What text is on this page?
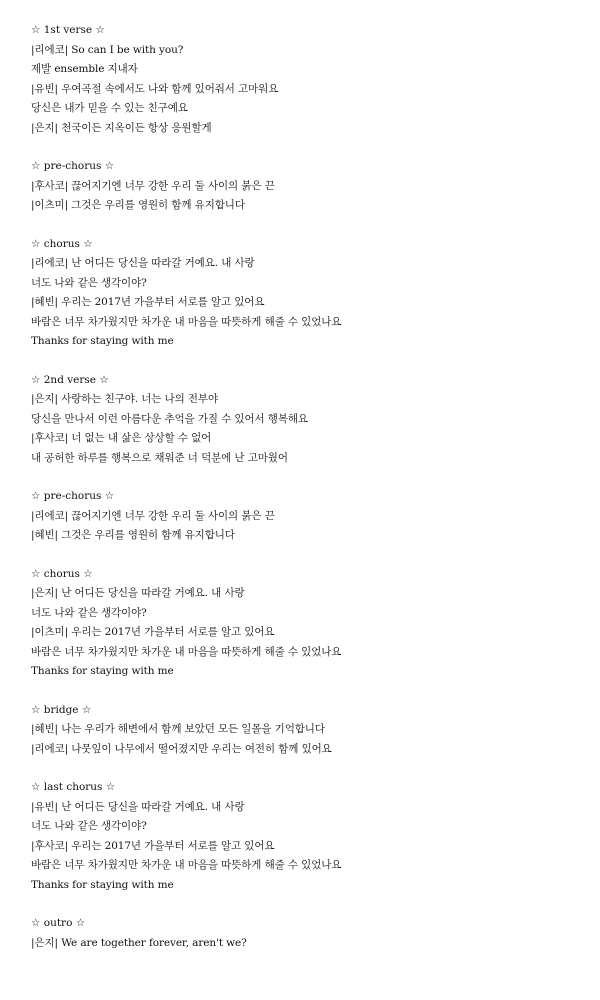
☆ 1st verse ☆
|리에코| So can I be with you?
제발 ensemble 지내자
|유빈| 우여곡절 속에서도 나와 함께 있어줘서 고마워요
당신은 내가 믿을 수 있는 친구예요
|은지| 천국이든 지옥이든 항상 응원할게
☆ pre-chorus ☆
|후사코| 끊어지기엔 너무 강한 우리 둘 사이의 붉은 끈
|이츠미| 그것은 우리를 영원히 함께 유지합니다
☆ chorus ☆
|리에코| 난 어디든 당신을 따라갈 거예요. 내 사랑
너도 나와 같은 생각이야?
|혜빈| 우리는 2017년 가을부터 서로를 알고 있어요
바람은 너무 차가웠지만 차가운 내 마음을 따뜻하게 해줄 수 있었나요
Thanks for staying with me
☆ 2nd verse ☆
|은지| 사랑하는 친구야. 너는 나의 전부야
당신을 만나서 이런 아름다운 추억을 가질 수 있어서 행복해요
|후사코| 너 없는 내 삶은 상상할 수 없어
내 공허한 하루를 행복으로 채워준 너 덕분에 난 고마웠어
☆ pre-chorus ☆
|리에코| 끊어지기엔 너무 강한 우리 둘 사이의 붉은 끈
|혜빈| 그것은 우리를 영원히 함께 유지합니다
☆ chorus ☆
|은지| 난 어디든 당신을 따라갈 거예요. 내 사랑
너도 나와 같은 생각이야?
|이츠미| 우리는 2017년 가을부터 서로를 알고 있어요
바람은 너무 차가웠지만 차가운 내 마음을 따뜻하게 해줄 수 있었나요
Thanks for staying with me
☆ bridge ☆
|혜빈| 나는 우리가 해변에서 함께 보았던 모든 일몰을 기억합니다
|리에코| 나뭇잎이 나무에서 떨어졌지만 우리는 여전히 함께 있어요
☆ last chorus ☆
|유빈| 난 어디든 당신을 따라갈 거예요. 내 사랑
너도 나와 같은 생각이야?
|후사코| 우리는 2017년 가을부터 서로를 알고 있어요
바람은 너무 차가웠지만 차가운 내 마음을 따뜻하게 해줄 수 있었나요
Thanks for staying with me
☆ outro ☆
|은지| We are together forever, aren't we?
